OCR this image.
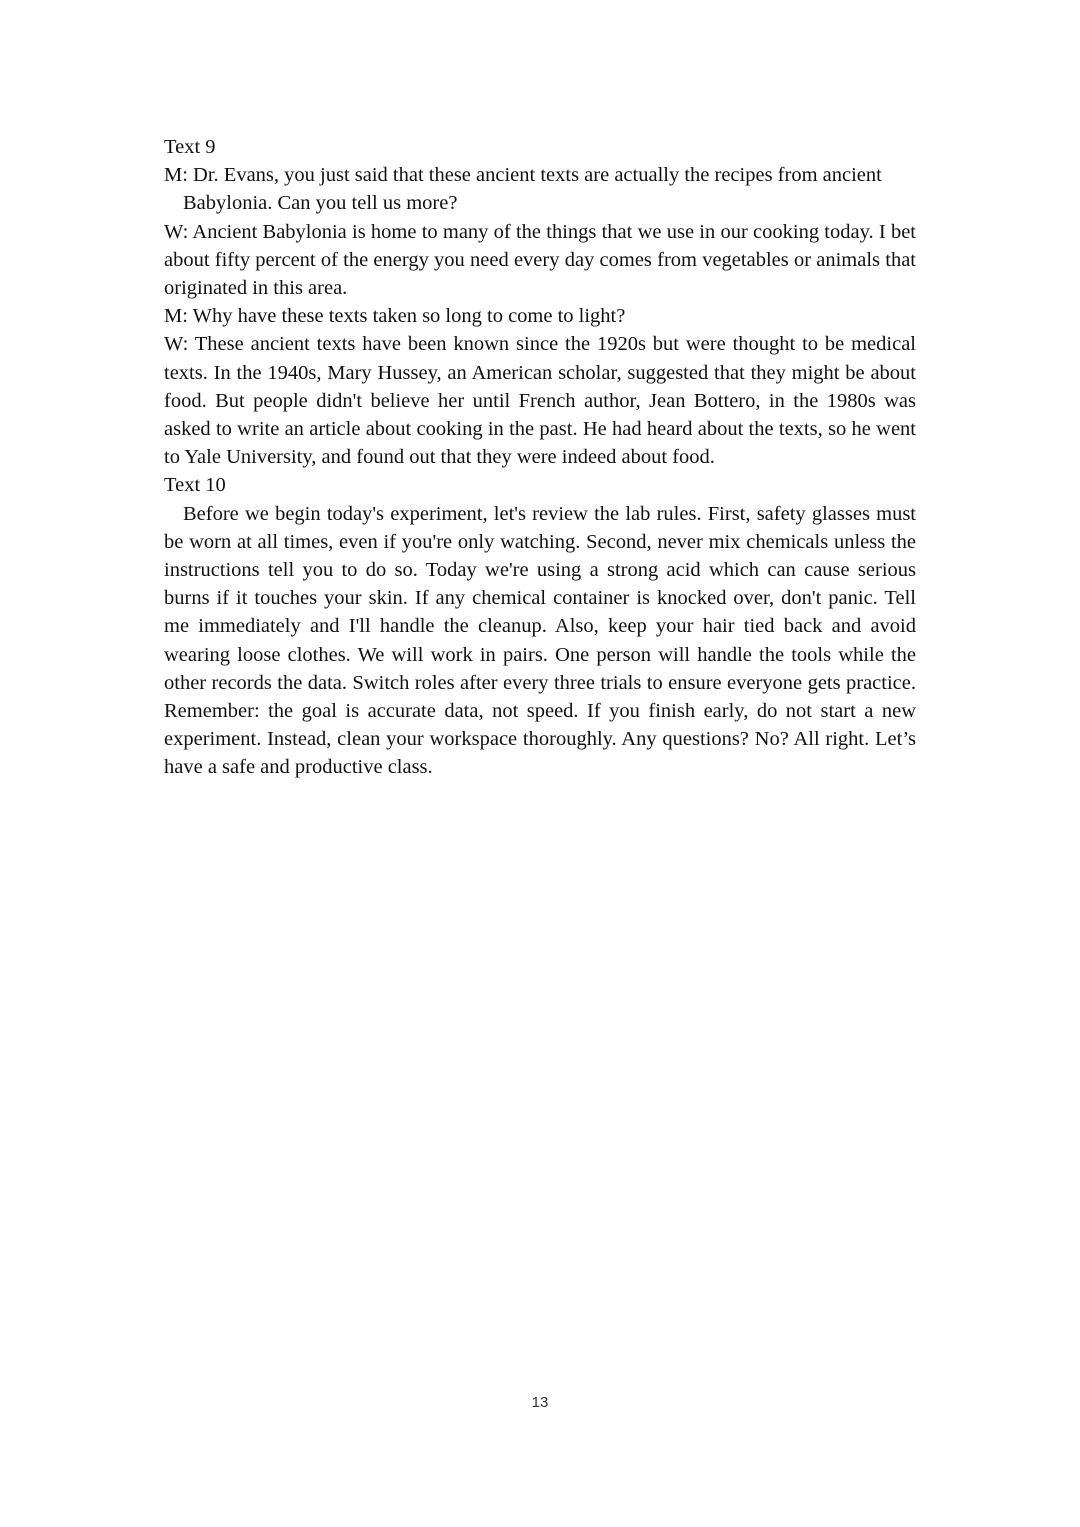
Text 9

M: Dr. Evans, you just said that these ancient texts are actually the recipes from ancient
Babylonia. Can you tell us more?

W: Ancient Babylonia is home to many of the things that we use in our cooking today. I bet about fifty percent of the energy you need every day comes from vegetables or animals that originated in this area.

M: Why have these texts taken so long to come to light?

W: These ancient texts have been known since the 1920s but were thought to be medical texts. In the 1940s, Mary Hussey, an American scholar, suggested that they might be about food. But people didn't believe her until French author, Jean Bottero, in the 1980s was asked to write an article about cooking in the past. He had heard about the texts, so he went to Yale University, and found out that they were indeed about food.

Text 10

Before we begin today's experiment, let's review the lab rules. First, safety glasses must be worn at all times, even if you're only watching. Second, never mix chemicals unless the instructions tell you to do so. Today we're using a strong acid which can cause serious burns if it touches your skin. If any chemical container is knocked over, don't panic. Tell me immediately and I'll handle the cleanup. Also, keep your hair tied back and avoid wearing loose clothes. We will work in pairs. One person will handle the tools while the other records the data. Switch roles after every three trials to ensure everyone gets practice. Remember: the goal is accurate data, not speed. If you finish early, do not start a new experiment. Instead, clean your workspace thoroughly. Any questions? No? All right. Let’s have a safe and productive class.

13
